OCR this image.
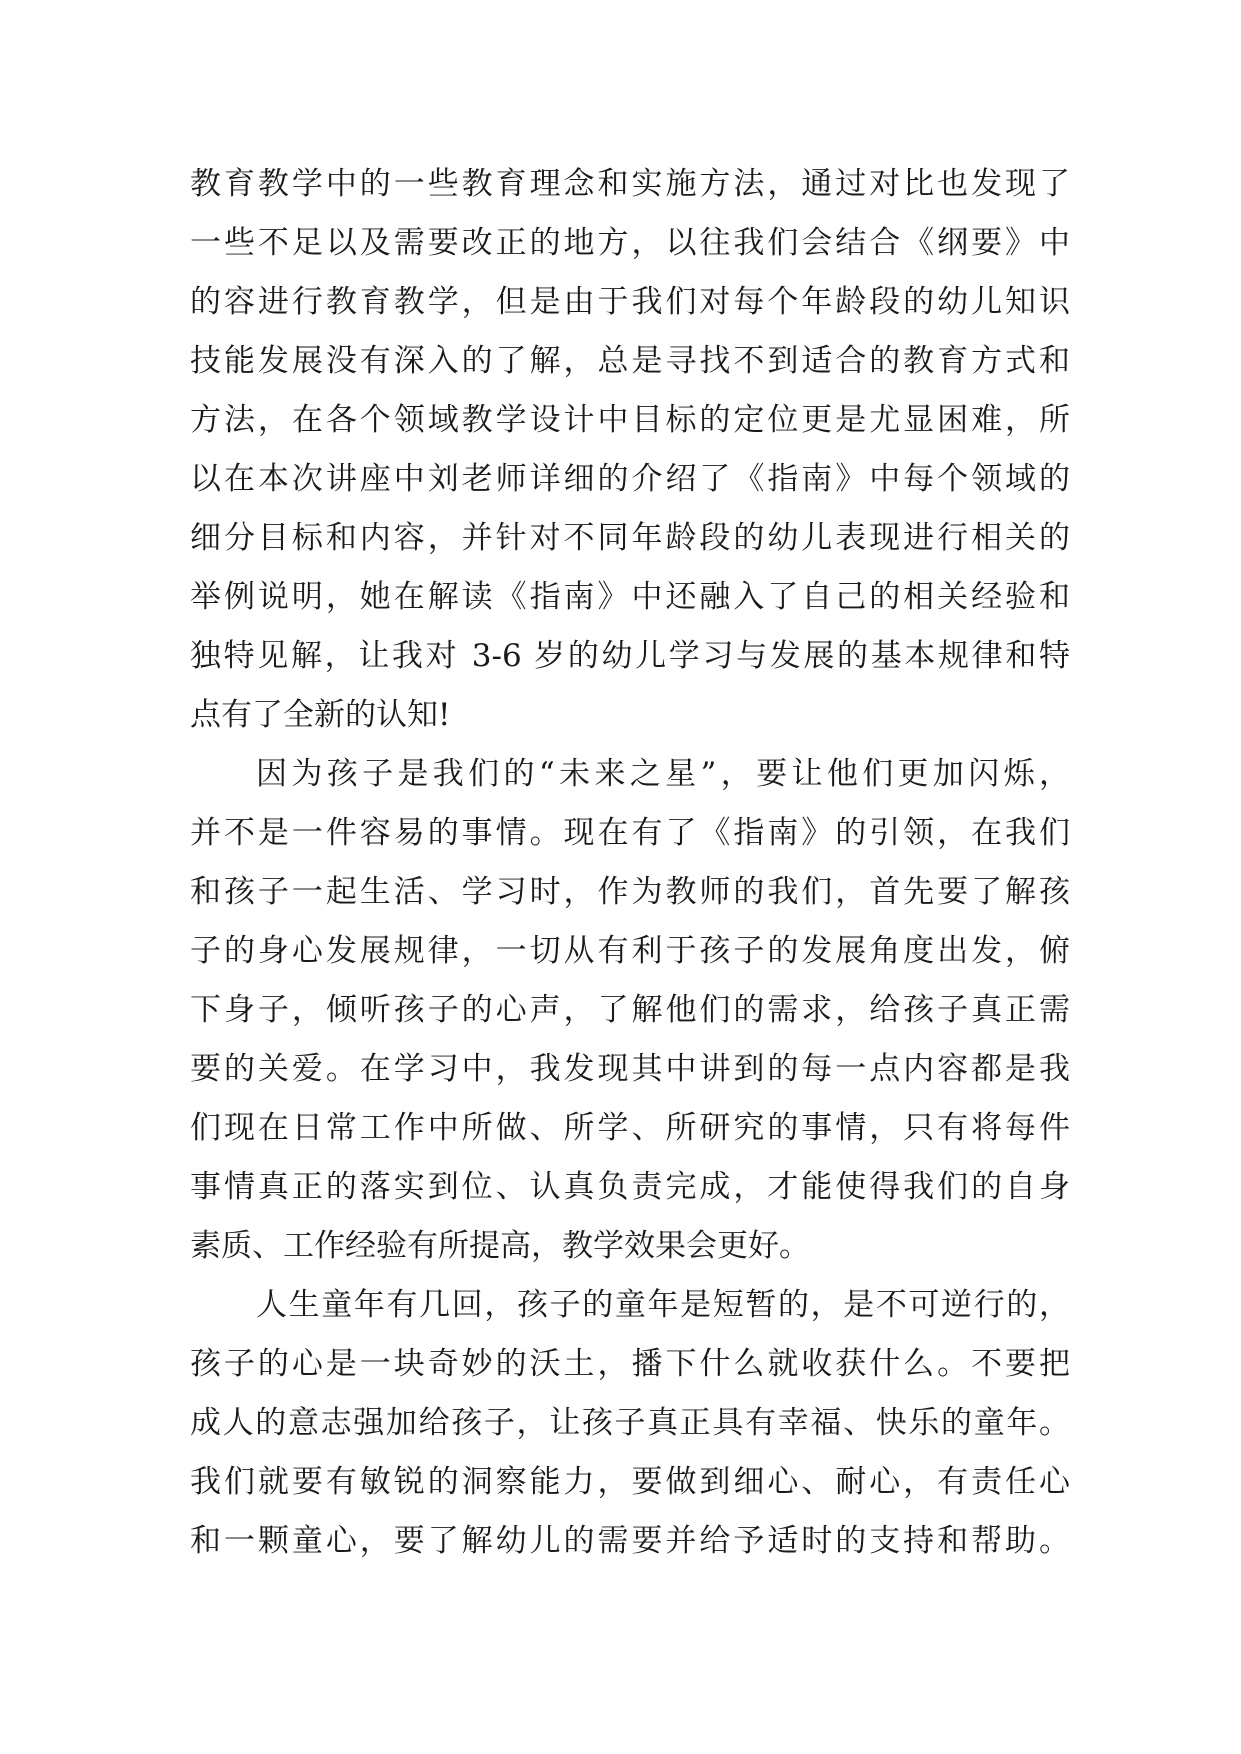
教育教学中的一些教育理念和实施方法，通过对比也发现了
一些不足以及需要改正的地方，以往我们会结合《纲要》中
的容进行教育教学，但是由于我们对每个年龄段的幼儿知识
技能发展没有深入的了解，总是寻找不到适合的教育方式和
方法，在各个领域教学设计中目标的定位更是尤显困难，所
以在本次讲座中刘老师详细的介绍了《指南》中每个领域的
细分目标和内容，并针对不同年龄段的幼儿表现进行相关的
举例说明，她在解读《指南》中还融入了自己的相关经验和
独特见解，让我对 3-6 岁的幼儿学习与发展的基本规律和特
点有了全新的认知!
因为孩子是我们的“未来之星”，要让他们更加闪烁，
并不是一件容易的事情。现在有了《指南》的引领，在我们
和孩子一起生活、学习时，作为教师的我们，首先要了解孩
子的身心发展规律，一切从有利于孩子的发展角度出发，俯
下身子，倾听孩子的心声，了解他们的需求，给孩子真正需
要的关爱。在学习中，我发现其中讲到的每一点内容都是我
们现在日常工作中所做、所学、所研究的事情，只有将每件
事情真正的落实到位、认真负责完成，才能使得我们的自身
素质、工作经验有所提高，教学效果会更好。
人生童年有几回，孩子的童年是短暂的，是不可逆行的，
孩子的心是一块奇妙的沃土，播下什么就收获什么。不要把
成人的意志强加给孩子，让孩子真正具有幸福、快乐的童年。
我们就要有敏锐的洞察能力，要做到细心、耐心，有责任心
和一颗童心，要了解幼儿的需要并给予适时的支持和帮助。
